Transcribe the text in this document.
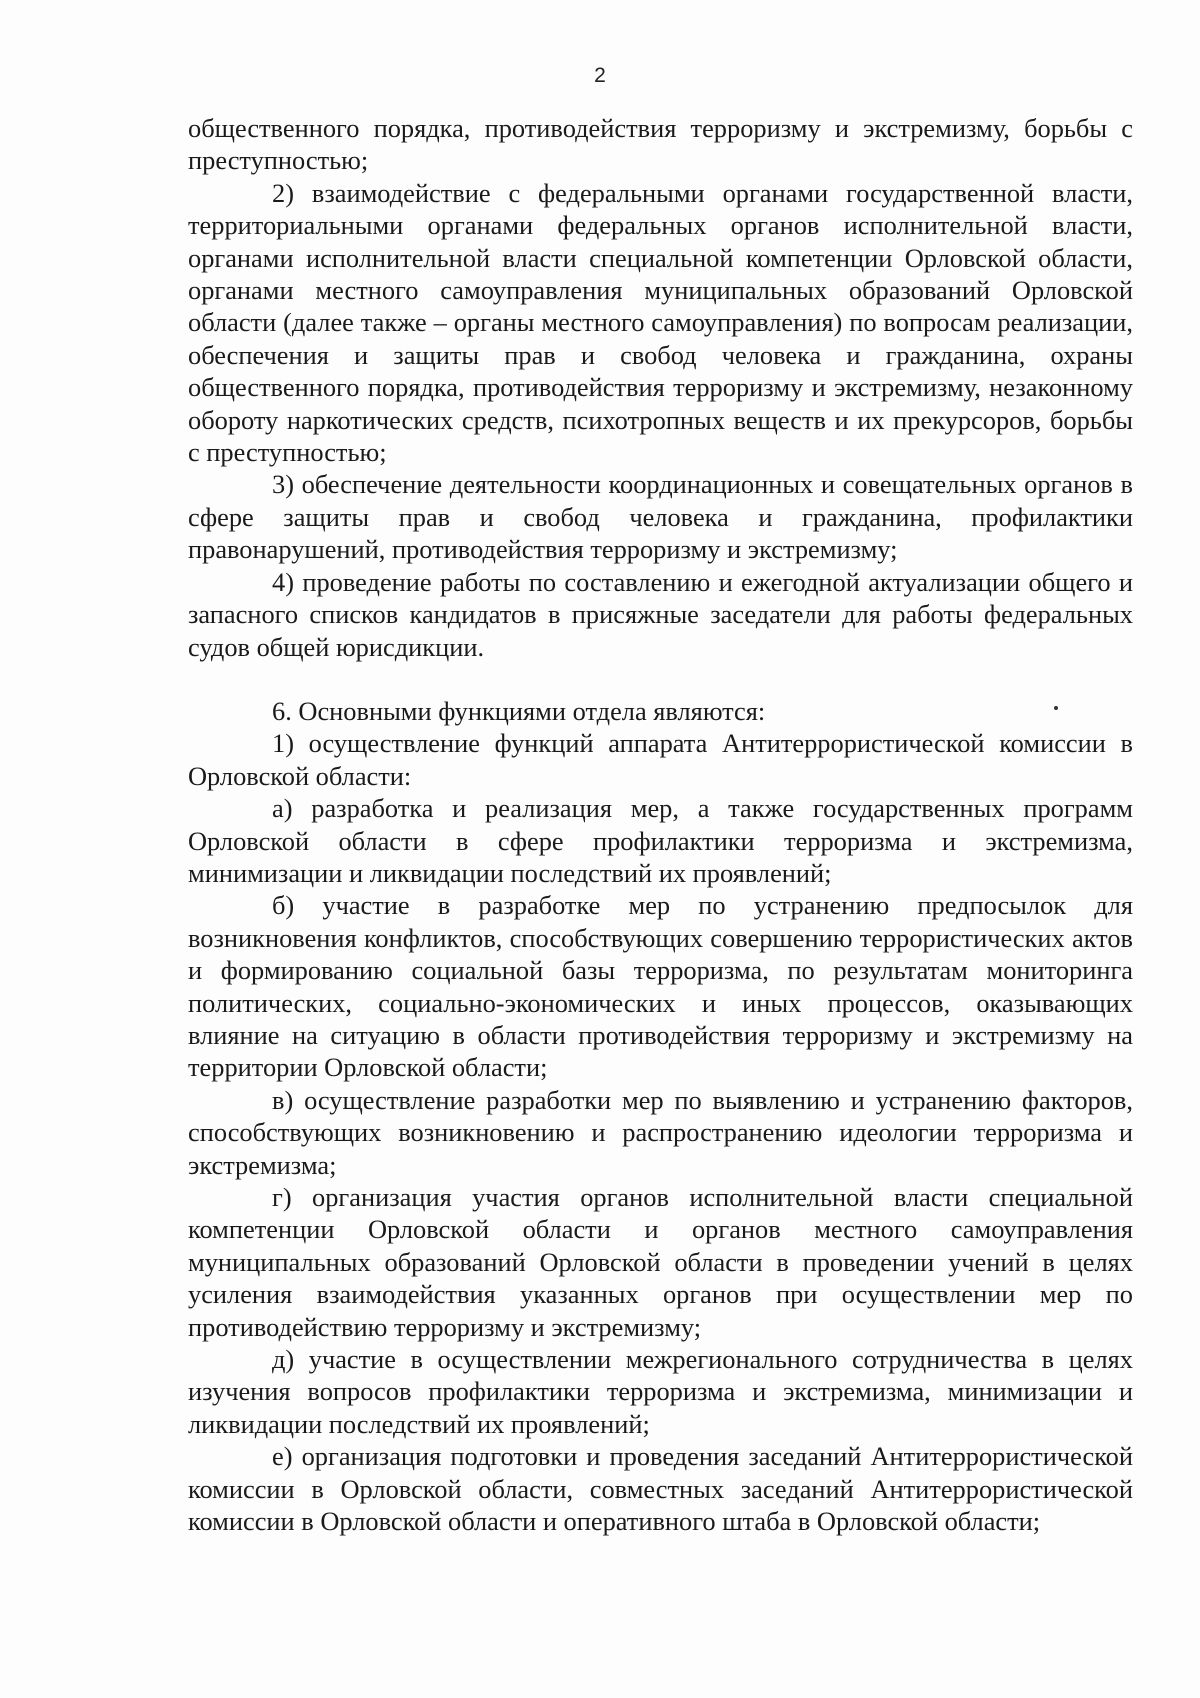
2

общественного порядка, противодействия терроризму и экстремизму, борьбы с преступностью;

2) взаимодействие с федеральными органами государственной власти, территориальными органами федеральных органов исполнительной власти, органами исполнительной власти специальной компетенции Орловской области, органами местного самоуправления муниципальных образований Орловской области (далее также – органы местного самоуправления) по вопросам реализации, обеспечения и защиты прав и свобод человека и гражданина, охраны общественного порядка, противодействия терроризму и экстремизму, незаконному обороту наркотических средств, психотропных веществ и их прекурсоров, борьбы с преступностью;

3) обеспечение деятельности координационных и совещательных органов в сфере защиты прав и свобод человека и гражданина, профилактики правонарушений, противодействия терроризму и экстремизму;

4) проведение работы по составлению и ежегодной актуализации общего и запасного списков кандидатов в присяжные заседатели для работы федеральных судов общей юрисдикции.

6. Основными функциями отдела являются:

1) осуществление функций аппарата Антитеррористической комиссии в Орловской области:

а) разработка и реализация мер, а также государственных программ Орловской области в сфере профилактики терроризма и экстремизма, минимизации и ликвидации последствий их проявлений;

б) участие в разработке мер по устранению предпосылок для возникновения конфликтов, способствующих совершению террористических актов и формированию социальной базы терроризма, по результатам мониторинга политических, социально-экономических и иных процессов, оказывающих влияние на ситуацию в области противодействия терроризму и экстремизму на территории Орловской области;

в) осуществление разработки мер по выявлению и устранению факторов, способствующих возникновению и распространению идеологии терроризма и экстремизма;

г) организация участия органов исполнительной власти специальной компетенции Орловской области и органов местного самоуправления муниципальных образований Орловской области в проведении учений в целях усиления взаимодействия указанных органов при осуществлении мер по противодействию терроризму и экстремизму;

д) участие в осуществлении межрегионального сотрудничества в целях изучения вопросов профилактики терроризма и экстремизма, минимизации и ликвидации последствий их проявлений;

е) организация подготовки и проведения заседаний Антитеррористической комиссии в Орловской области, совместных заседаний Антитеррористической комиссии в Орловской области и оперативного штаба в Орловской области;
